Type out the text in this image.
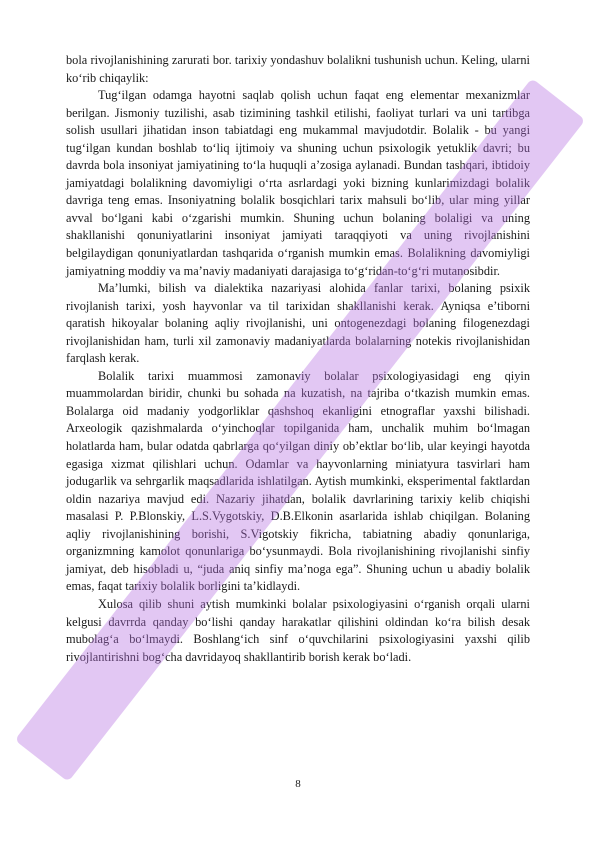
bola rivojlanishining zarurati bor. tarixiy yondashuv bolalikni tushunish uchun. Keling, ularni ko‘rib chiqaylik:

Tug‘ilgan odamga hayotni saqlab qolish uchun faqat eng elementar mexanizmlar berilgan. Jismoniy tuzilishi, asab tizimining tashkil etilishi, faoliyat turlari va uni tartibga solish usullari jihatidan inson tabiatdagi eng mukammal mavjudotdir. Bolalik - bu yangi tug‘ilgan kundan boshlab to‘liq ijtimoiy va shuning uchun psixologik yetuklik davri; bu davrda bola insoniyat jamiyatining to‘la huquqli a’zosiga aylanadi. Bundan tashqari, ibtidoiy jamiyatdagi bolalikning davomiyligi o‘rta asrlardagi yoki bizning kunlarimizdagi bolalik davriga teng emas. Insoniyatning bolalik bosqichlari tarix mahsuli bo‘lib, ular ming yillar avval bo‘lgani kabi o‘zgarishi mumkin. Shuning uchun bolaning bolaligi va uning shakllanishi qonuniyatlarini insoniyat jamiyati taraqqiyoti va uning rivojlanishini belgilaydigan qonuniyatlardan tashqarida o‘rganish mumkin emas. Bolalikning davomiyligi jamiyatning moddiy va ma’naviy madaniyati darajasiga to‘g‘ridan-to‘g‘ri mutanosibdir.

Ma’lumki, bilish va dialektika nazariyasi alohida fanlar tarixi, bolaning psixik rivojlanish tarixi, yosh hayvonlar va til tarixidan shakllanishi kerak. Ayniqsa e’tiborni qaratish hikoyalar bolaning aqliy rivojlanishi, uni ontogenezdagi bolaning filogenezdagi rivojlanishidan ham, turli xil zamonaviy madaniyatlarda bolalarning notekis rivojlanishidan farqlash kerak.

Bolalik tarixi muammosi zamonaviy bolalar psixologiyasidagi eng qiyin muammolardan biridir, chunki bu sohada na kuzatish, na tajriba o‘tkazish mumkin emas. Bolalarga oid madaniy yodgorliklar qashshoq ekanligini etnograflar yaxshi bilishadi. Arxeologik qazishmalarda o‘yinchoqlar topilganida ham, unchalik muhim bo‘lmagan holatlarda ham, bular odatda qabrlarga qo‘yilgan diniy ob’ektlar bo‘lib, ular keyingi hayotda egasiga xizmat qilishlari uchun. Odamlar va hayvonlarning miniatyura tasvirlari ham jodugarlik va sehrgarlik maqsadlarida ishlatilgan. Aytish mumkinki, eksperimental faktlardan oldin nazariya mavjud edi. Nazariy jihatdan, bolalik davrlarining tarixiy kelib chiqishi masalasi P. P.Blonskiy, L.S.Vygotskiy, D.B.Elkonin asarlarida ishlab chiqilgan. Bolaning aqliy rivojlanishining borishi, S.Vigotskiy fikricha, tabiatning abadiy qonunlariga, organizmning kamolot qonunlariga bo‘ysunmaydi. Bola rivojlanishining rivojlanishi sinfiy jamiyat, deb hisobladi u, “juda aniq sinfiy ma’noga ega”. Shuning uchun u abadiy bolalik emas, faqat tarixiy bolalik borligini ta’kidlaydi.

Xulosa qilib shuni aytish mumkinki bolalar psixologiyasini o‘rganish orqali ularni kelgusi davrrda qanday bo‘lishi qanday harakatlar qilishini oldindan ko‘ra bilish desak mubolag‘a bo‘lmaydi. Boshlang‘ich sinf o‘quvchilarini psixologiyasini yaxshi qilib rivojlantirishni bog‘cha davridayoq shakllantirib borish kerak bo‘ladi.

8
